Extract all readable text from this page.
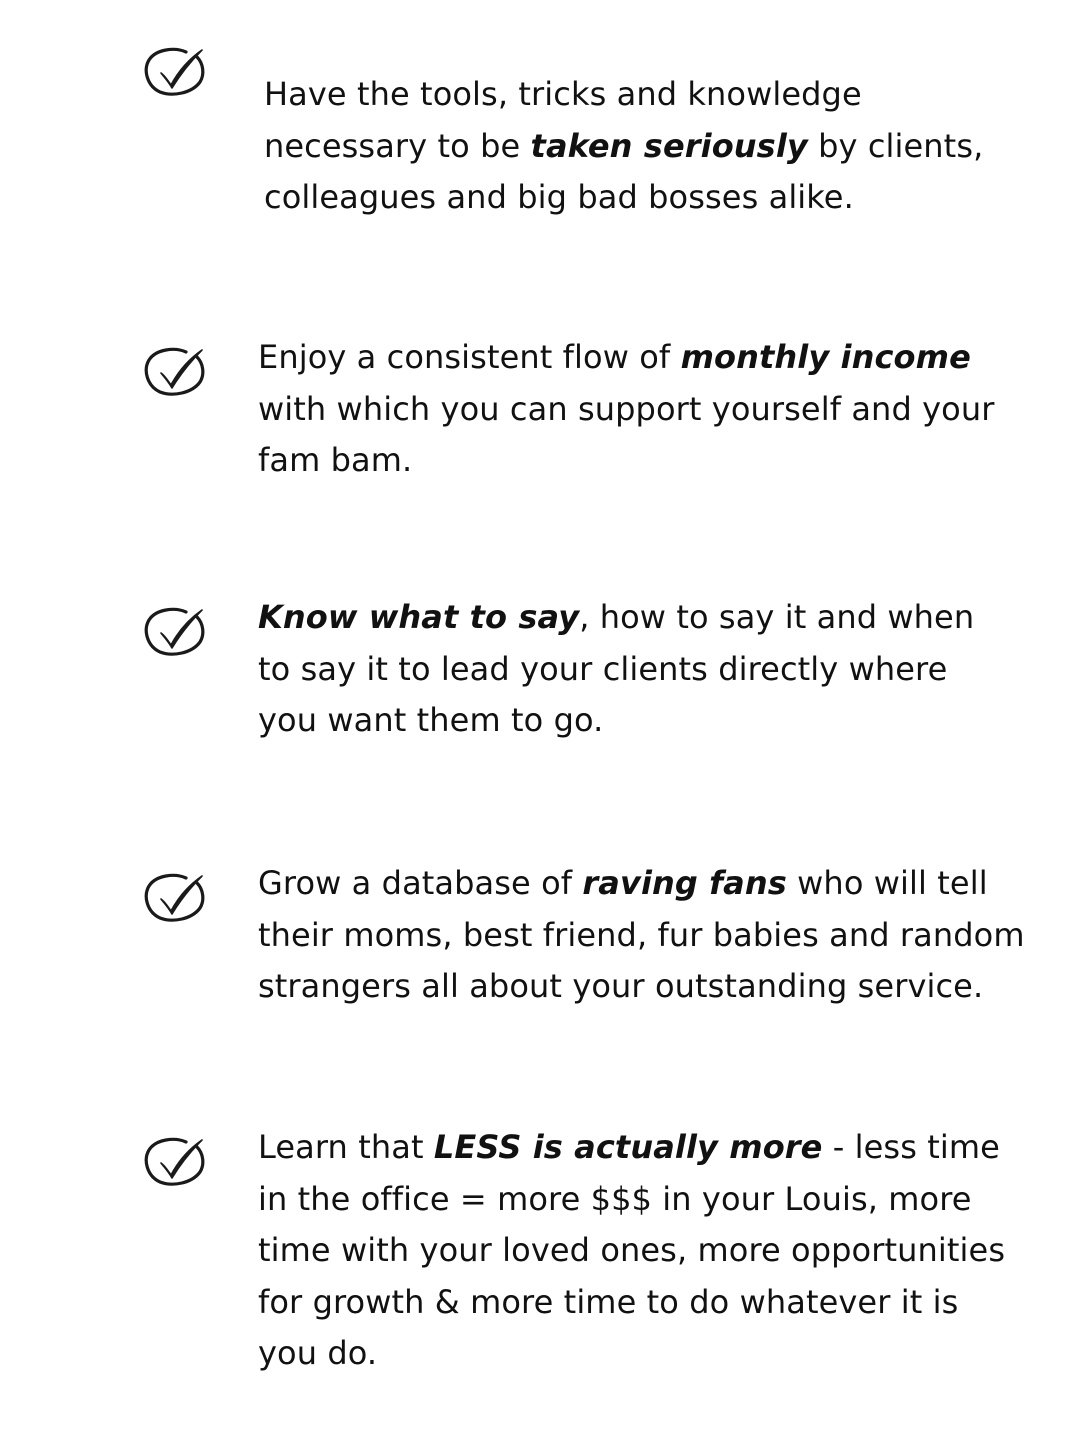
Have the tools, tricks and knowledge
necessary to be taken seriously by clients,
colleagues and big bad bosses alike.
Enjoy a consistent flow of monthly income
with which you can support yourself and your
fam bam.
Know what to say, how to say it and when
to say it to lead your clients directly where
you want them to go.
Grow a database of raving fans who will tell
their moms, best friend, fur babies and random
strangers all about your outstanding service.
Learn that LESS is actually more - less time
in the office = more $$$ in your Louis, more
time with your loved ones, more opportunities
for growth & more time to do whatever it is
you do.
